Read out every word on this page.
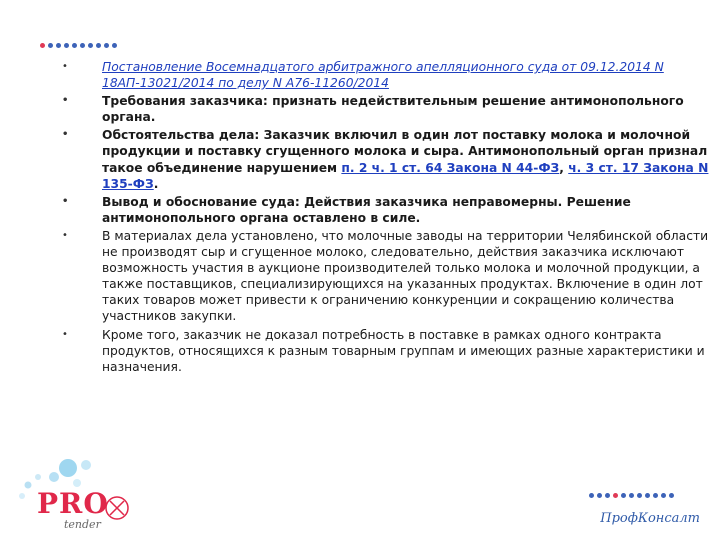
•	Постановление Восемнадцатого арбитражного апелляционного суда от 09.12.2014 N 18АП-13021/2014 по делу N А76-11260/2014
•	Требования заказчика: признать недействительным решение антимонопольного органа.
•	Обстоятельства дела: Заказчик включил в один лот поставку молока и молочной продукции и поставку сгущенного молока и сыра. Антимонопольный орган признал такое объединение нарушением п. 2 ч. 1 ст. 64 Закона N 44-ФЗ, ч. 3 ст. 17 Закона N 135-ФЗ.
•	Вывод и обоснование суда: Действия заказчика неправомерны. Решение антимонопольного органа оставлено в силе.
•	В материалах дела установлено, что молочные заводы на территории Челябинской области не производят сыр и сгущенное молоко, следовательно, действия заказчика исключают возможность участия в аукционе производителей только молока и молочной продукции, а также поставщиков, специализирующихся на указанных продуктах. Включение в один лот таких товаров может привести к ограничению конкуренции и сокращению количества участников закупки.
•	Кроме того, заказчик не доказал потребность в поставке в рамках одного контракта продуктов, относящихся к разным товарным группам и имеющих разные характеристики и назначения.
PRO
tender	ПрофКонсалт
